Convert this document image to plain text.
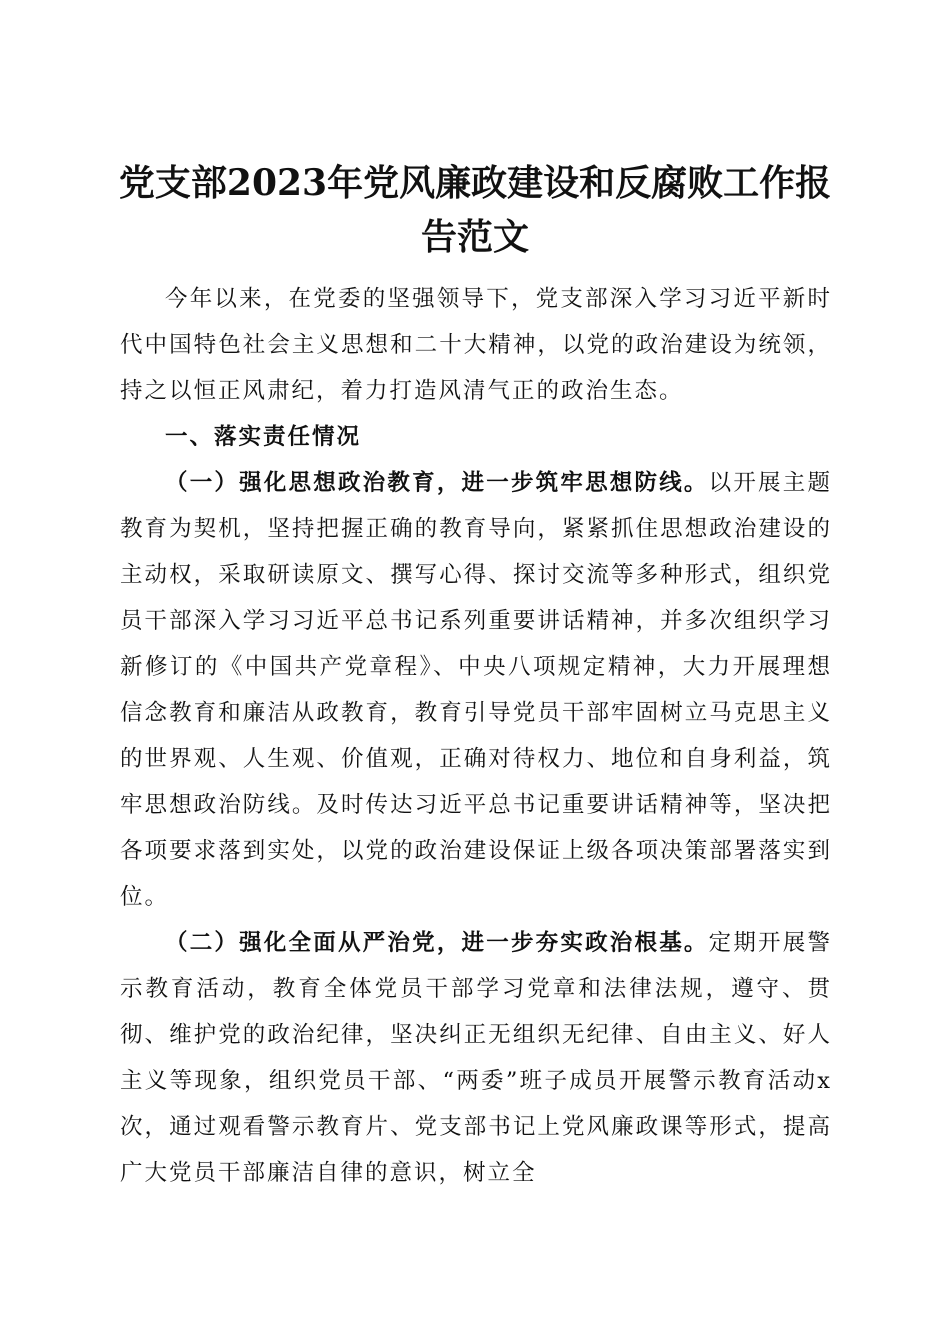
党支部2023年党风廉政建设和反腐败工作报
告范文

今年以来，在党委的坚强领导下，党支部深入学习习近平新时代中国特色社会主义思想和二十大精神，以党的政治建设为统领，持之以恒正风肃纪，着力打造风清气正的政治生态。

一、落实责任情况

（一）强化思想政治教育，进一步筑牢思想防线。以开展主题教育为契机，坚持把握正确的教育导向，紧紧抓住思想政治建设的主动权，采取研读原文、撰写心得、探讨交流等多种形式，组织党员干部深入学习习近平总书记系列重要讲话精神，并多次组织学习新修订的《中国共产党章程》、中央八项规定精神，大力开展理想信念教育和廉洁从政教育，教育引导党员干部牢固树立马克思主义的世界观、人生观、价值观，正确对待权力、地位和自身利益，筑牢思想政治防线。及时传达习近平总书记重要讲话精神等，坚决把各项要求落到实处，以党的政治建设保证上级各项决策部署落实到位。

（二）强化全面从严治党，进一步夯实政治根基。定期开展警示教育活动，教育全体党员干部学习党章和法律法规，遵守、贯彻、维护党的政治纪律，坚决纠正无组织无纪律、自由主义、好人主义等现象，组织党员干部、“两委”班子成员开展警示教育活动x次，通过观看警示教育片、党支部书记上党风廉政课等形式，提高广大党员干部廉洁自律的意识，树立全
